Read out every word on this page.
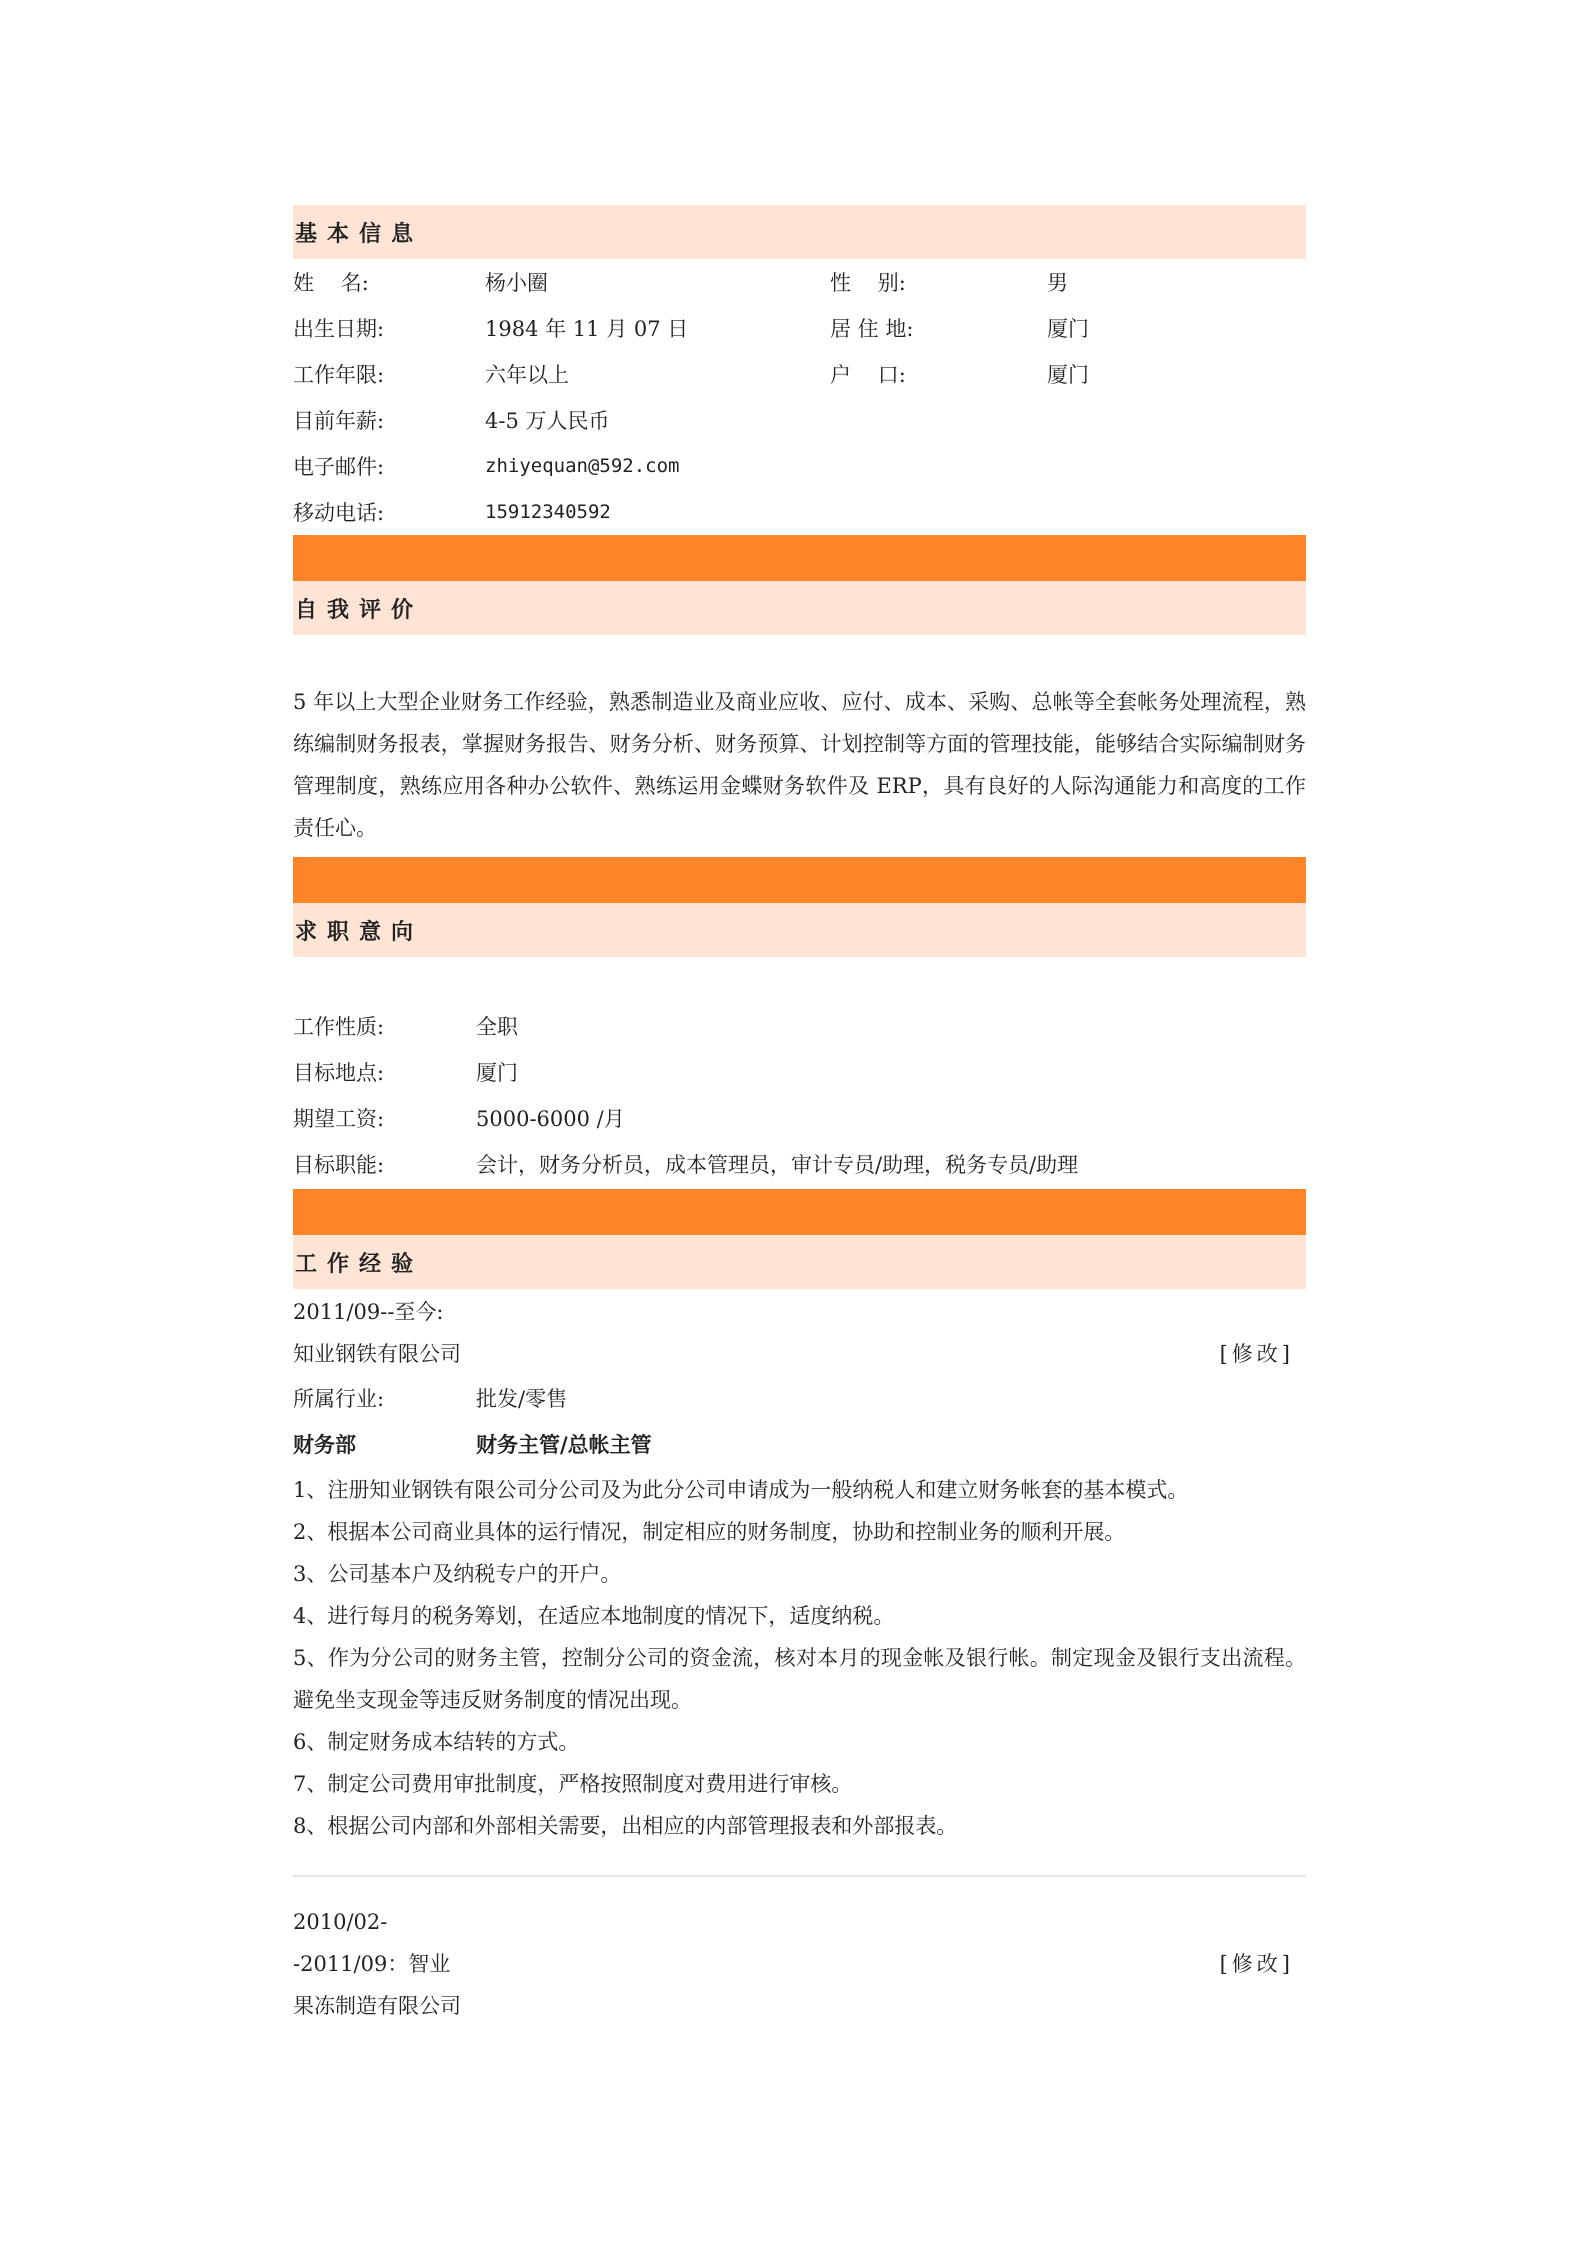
基本信息
姓    名:	杨小圈	性    别:	男
出生日期:	1984 年 11 月 07 日	居 住 地:	厦门
工作年限:	六年以上	户    口:	厦门
目前年薪:	4-5 万人民币
电子邮件:	zhiyequan@592.com
移动电话:	15912340592
自我评价
5 年以上大型企业财务工作经验，熟悉制造业及商业应收、应付、成本、采购、总帐等全套帐务处理流程，熟练编制财务报表，掌握财务报告、财务分析、财务预算、计划控制等方面的管理技能，能够结合实际编制财务管理制度，熟练应用各种办公软件、熟练运用金蝶财务软件及 ERP，具有良好的人际沟通能力和高度的工作责任心。
求职意向
工作性质:	全职
目标地点:	厦门
期望工资:	5000-6000 /月
目标职能:	会计，财务分析员，成本管理员，审计专员/助理，税务专员/助理
工作经验
2011/09--至今:
知业钢铁有限公司	[修改]
所属行业:	批发/零售
财务部	财务主管/总帐主管
1、注册知业钢铁有限公司分公司及为此分公司申请成为一般纳税人和建立财务帐套的基本模式。
2、根据本公司商业具体的运行情况，制定相应的财务制度，协助和控制业务的顺利开展。
3、公司基本户及纳税专户的开户。
4、进行每月的税务筹划，在适应本地制度的情况下，适度纳税。
5、作为分公司的财务主管，控制分公司的资金流，核对本月的现金帐及银行帐。制定现金及银行支出流程。避免坐支现金等违反财务制度的情况出现。
6、制定财务成本结转的方式。
7、制定公司费用审批制度，严格按照制度对费用进行审核。
8、根据公司内部和外部相关需要，出相应的内部管理报表和外部报表。
2010/02--2011/09：智业果冻制造有限公司
[修改]
